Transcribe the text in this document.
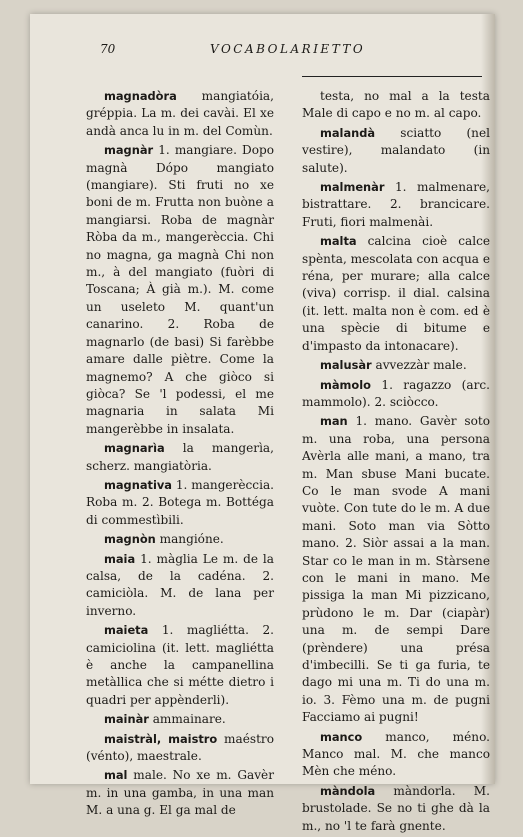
70	VOCABOLARIETTO
magnadòra mangiatóia, gréppia. La m. dei cavài. El xe andà anca lu in m. del Comùn.
magnàr 1. mangiare. Dopo magnà Dópo mangiato (mangiare). Sti fruti no xe boni de m. Frutta non buòne a mangiarsi. Roba de magnàr Ròba da m., mangerèccia. Chi no magna, ga magnà Chi non m., à del mangiato (fuòri di Toscana; À già m.). M. come un useleto M. quant'un canarino. 2. Roba de magnarlo (de basi) Si farèbbe amare dalle piètre. Come la magnemo? A che giòco si giòca? Se 'l podessi, el me magnaria in salata Mi mangerèbbe in insalata.
magnarìa la mangerìa, scherz. mangiatòria.
magnativa 1. mangerèccia. Roba m. 2. Botega m. Bottéga di commestìbili.
magnòn mangióne.
maia 1. màglia Le m. de la calsa, de la cadéna. 2. camiciòla. M. de lana per inverno.
maieta 1. magliétta. 2. camiciolina (it. lett. magliétta è anche la campanellina metàllica che si métte dietro i quadri per appènderli).
mainàr ammainare.
maistràl, maistro maéstro (vénto), maestrale.
mal male. No xe m. Gavèr m. in una gamba, in una man M. a una g. El ga mal de
testa, no mal a la testa Male di capo e no m. al capo.
malandà sciatto (nel vestire), malandato (in salute).
malmenàr 1. malmenare, bistrattare. 2. brancicare. Fruti, fiori malmenài.
malta calcina cioè calce spènta, mescolata con acqua e réna, per murare; alla calce (viva) corrisp. il dial. calsina (it. lett. malta non è com. ed è una spècie di bitume e d'impasto da intonacare).
malusàr avvezzàr male.
màmolo 1. ragazzo (arc. mammolo). 2. sciòcco.
man 1. mano. Gavèr soto m. una roba, una persona Avèrla alle mani, a mano, tra m. Man sbuse Mani bucate. Co le man svode A mani vuòte. Con tute do le m. A due mani. Soto man via Sòtto mano. 2. Siòr assai a la man. Star co le man in m. Stàrsene con le mani in mano. Me pissiga la man Mi pizzicano, prùdono le m. Dar (ciapàr) una m. de sempi Dare (prèndere) una présa d'imbecilli. Se ti ga furia, te dago mi una m. Ti do una m. io. 3. Fèmo una m. de pugni Facciamo ai pugni!
manco manco, méno. Manco mal. M. che manco Mèn che méno.
màndola màndorla. M. brustolade. Se no ti ghe dà la m., no 'l te farà gnente.
